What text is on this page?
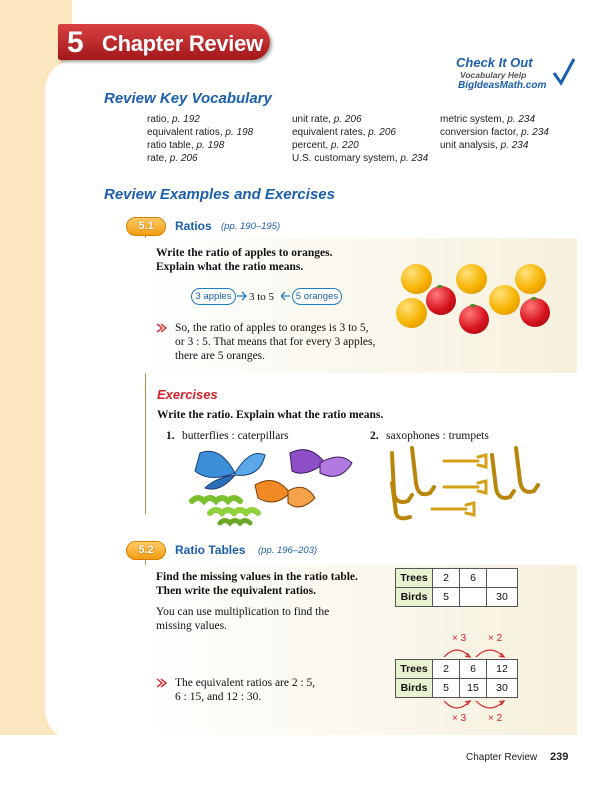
5 Chapter Review
Check It Out
Vocabulary Help
BigIdeasMath.com
Review Key Vocabulary
ratio, p. 192
equivalent ratios, p. 198
ratio table, p. 198
rate, p. 206
unit rate, p. 206
equivalent rates, p. 206
percent, p. 220
U.S. customary system, p. 234
metric system, p. 234
conversion factor, p. 234
unit analysis, p. 234
Review Examples and Exercises
5.1	Ratios (pp. 190–195)
Write the ratio of apples to oranges.
Explain what the ratio means.
3 apples	3 to 5	5 oranges
So, the ratio of apples to oranges is 3 to 5,
or 3 : 5. That means that for every 3 apples,
there are 5 oranges.
Exercises
Write the ratio. Explain what the ratio means.
1. butterflies : caterpillars	2. saxophones : trumpets
5.2	Ratio Tables (pp. 196–203)
Find the missing values in the ratio table.
Then write the equivalent ratios.
You can use multiplication to find the
missing values.
The equivalent ratios are 2 : 5,
6 : 15, and 12 : 30.
Trees	2	6	
Birds	5		30
× 3 × 2
Trees	2	6	12
Birds	5	15	30
× 3 × 2
Chapter Review 239
